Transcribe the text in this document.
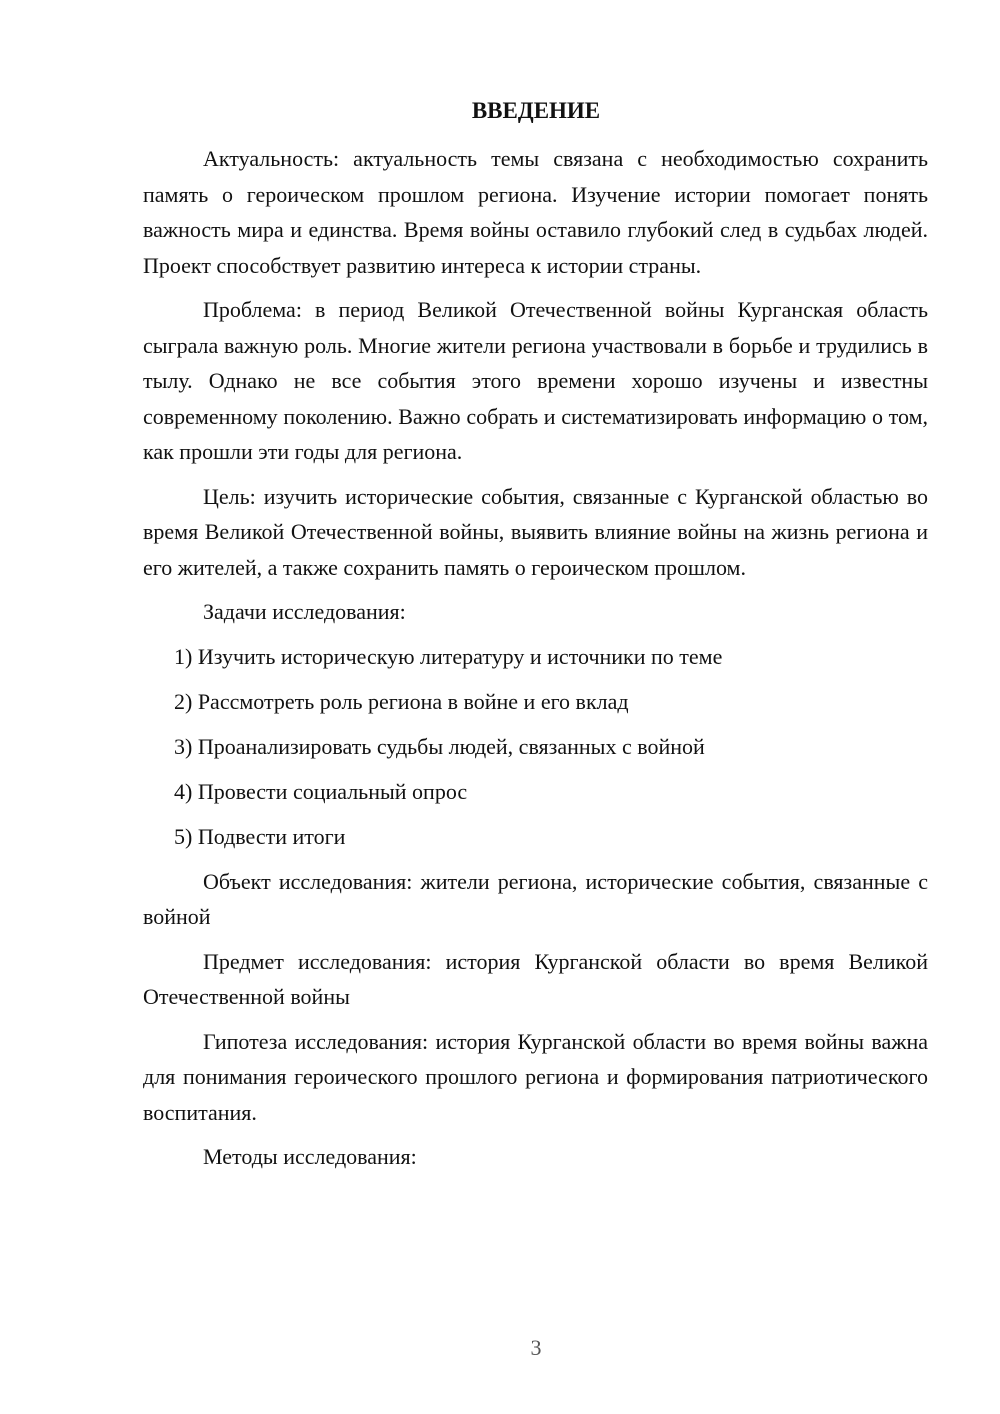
ВВЕДЕНИЕ

Актуальность: актуальность темы связана с необходимостью сохранить память о героическом прошлом региона. Изучение истории помогает понять важность мира и единства. Время войны оставило глубокий след в судьбах людей. Проект способствует развитию интереса к истории страны.

Проблема: в период Великой Отечественной войны Курганская область сыграла важную роль. Многие жители региона участвовали в борьбе и трудились в тылу. Однако не все события этого времени хорошо изучены и известны современному поколению. Важно собрать и систематизировать информацию о том, как прошли эти годы для региона.

Цель: изучить исторические события, связанные с Курганской областью во время Великой Отечественной войны, выявить влияние войны на жизнь региона и его жителей, а также сохранить память о героическом прошлом.

Задачи исследования:

1) Изучить историческую литературу и источники по теме

2) Рассмотреть роль региона в войне и его вклад

3) Проанализировать судьбы людей, связанных с войной

4) Провести социальный опрос

5) Подвести итоги

Объект исследования: жители региона, исторические события, связанные с войной

Предмет исследования: история Курганской области во время Великой Отечественной войны

Гипотеза исследования: история Курганской области во время войны важна для понимания героического прошлого региона и формирования патриотического воспитания.

Методы исследования:

3
